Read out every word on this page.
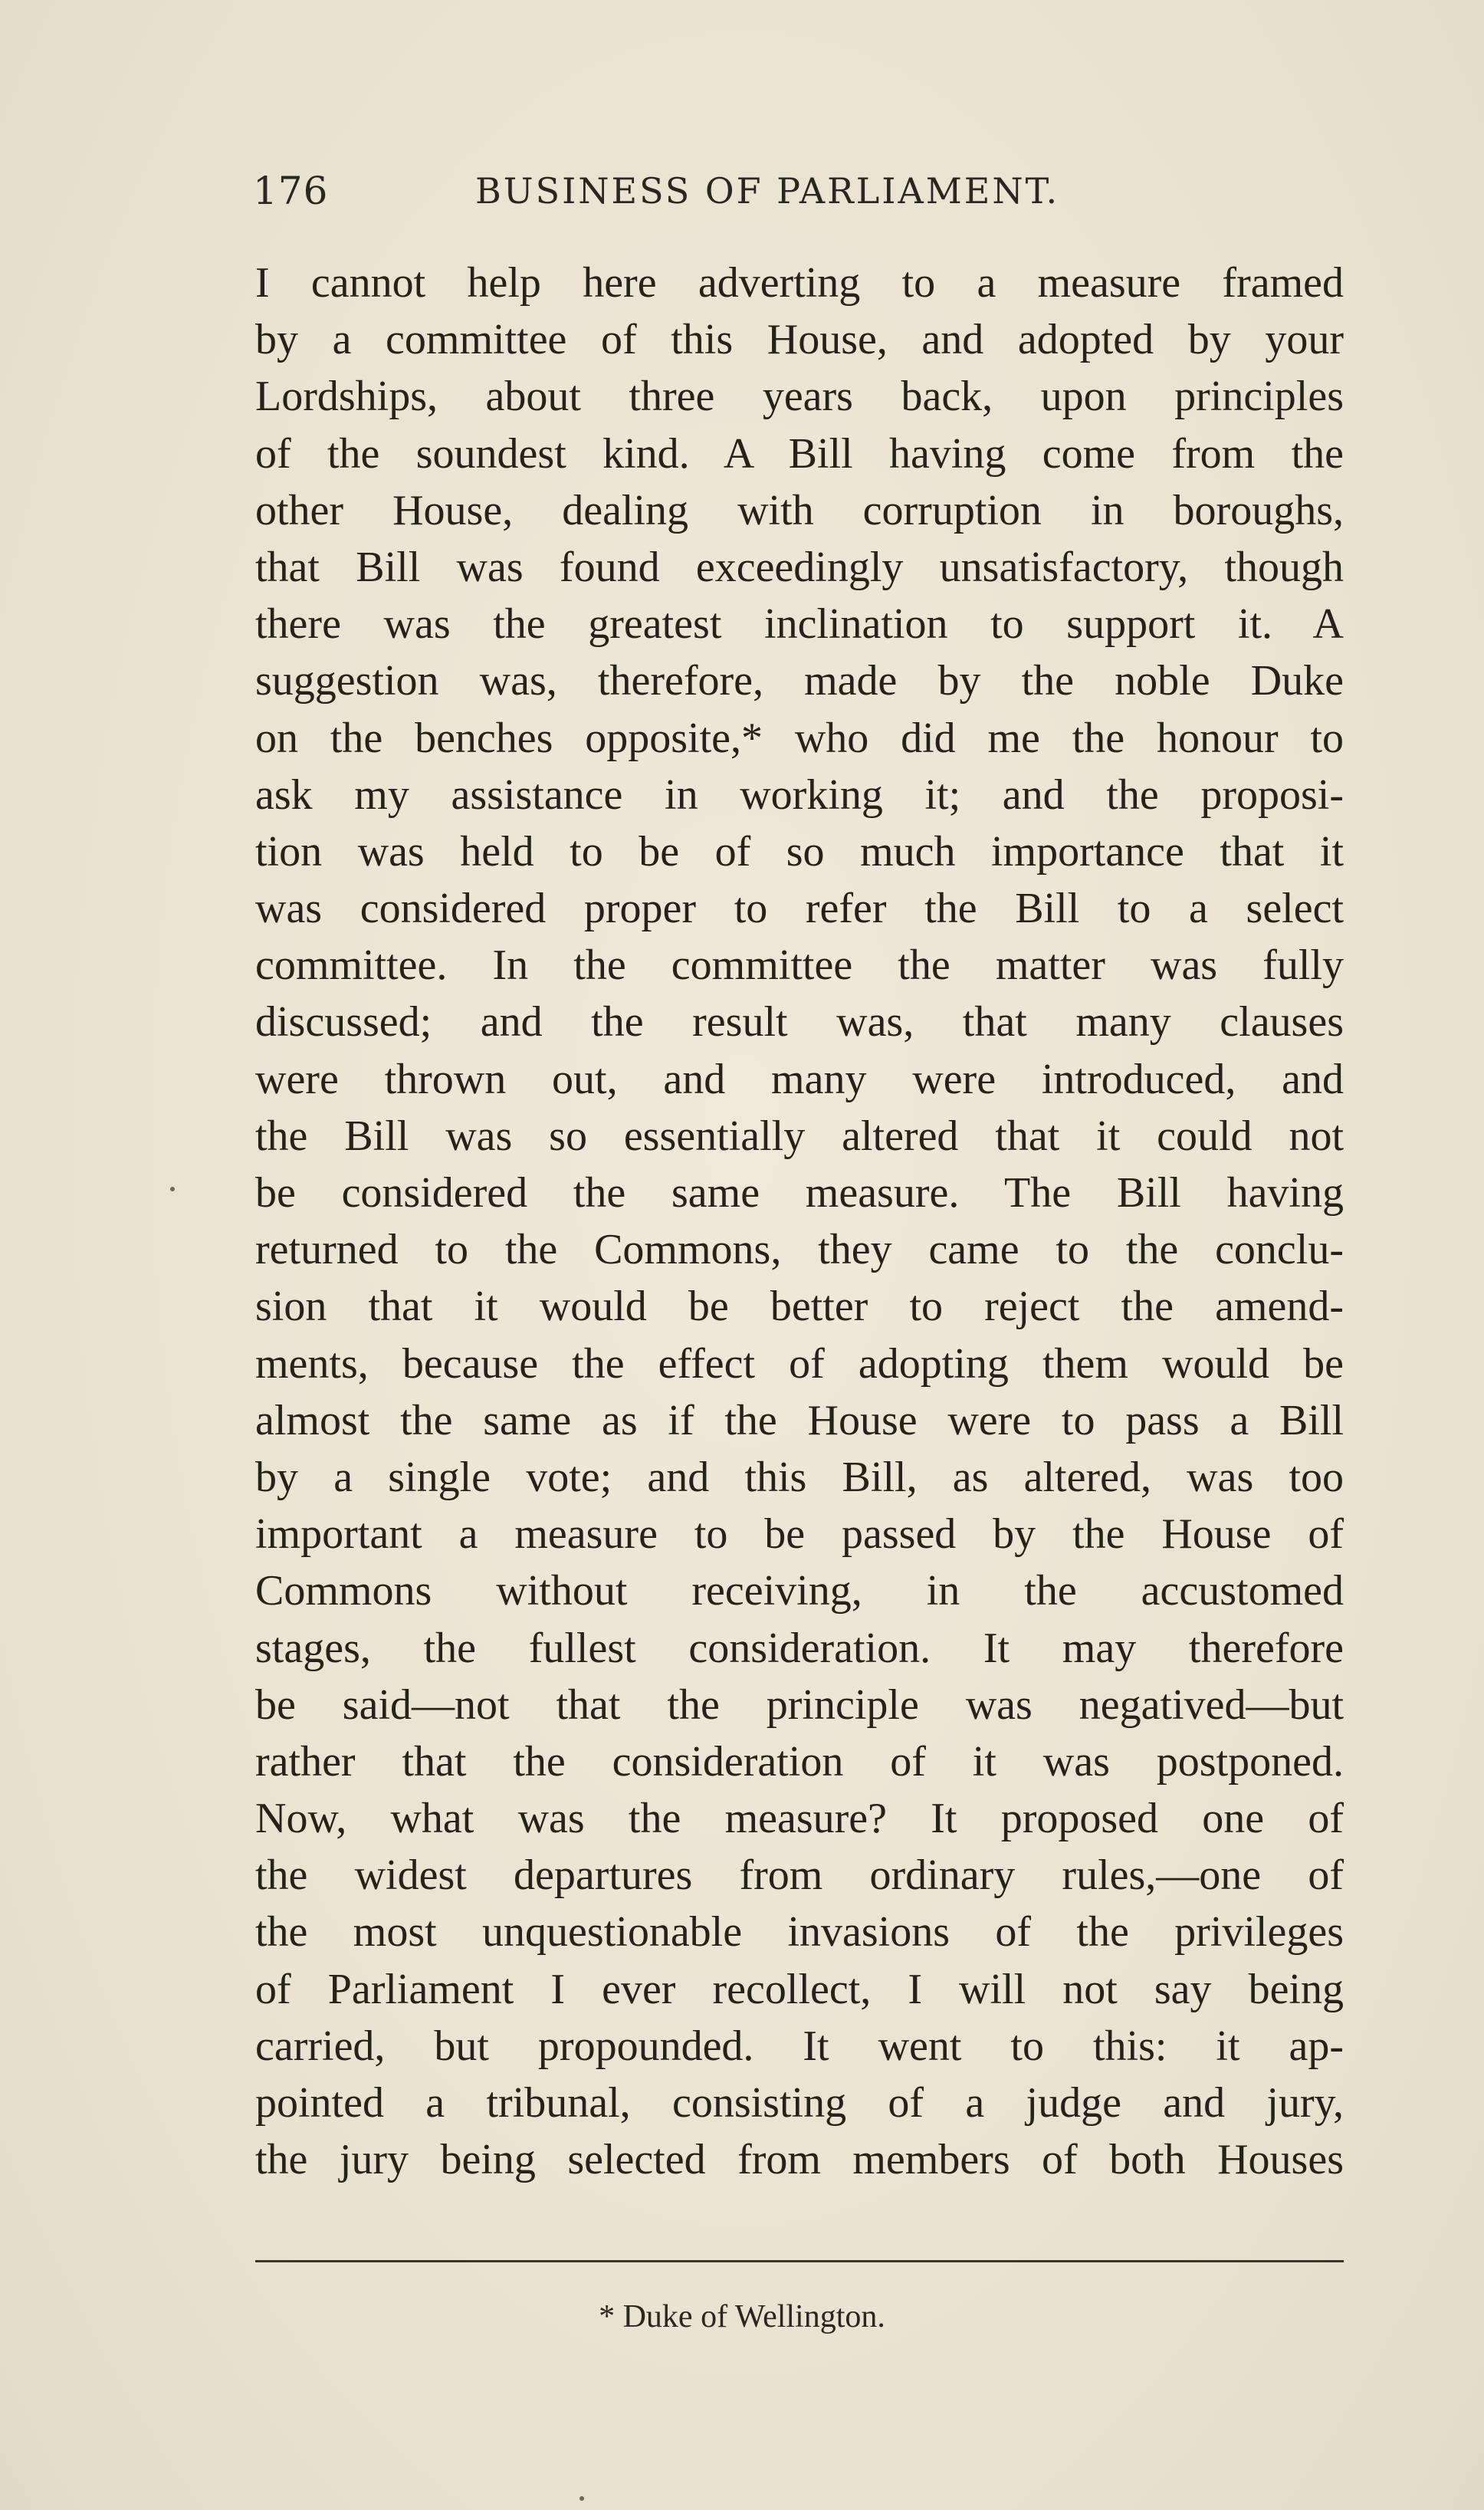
176	BUSINESS OF PARLIAMENT.
I cannot help here adverting to a measure framed
by a committee of this House, and adopted by your
Lordships, about three years back, upon principles
of the soundest kind. A Bill having come from the
other House, dealing with corruption in boroughs,
that Bill was found exceedingly unsatisfactory, though
there was the greatest inclination to support it. A
suggestion was, therefore, made by the noble Duke
on the benches opposite,* who did me the honour to
ask my assistance in working it; and the proposi-
tion was held to be of so much importance that it
was considered proper to refer the Bill to a select
committee. In the committee the matter was fully
discussed; and the result was, that many clauses
were thrown out, and many were introduced, and
the Bill was so essentially altered that it could not
be considered the same measure. The Bill having
returned to the Commons, they came to the conclu-
sion that it would be better to reject the amend-
ments, because the effect of adopting them would be
almost the same as if the House were to pass a Bill
by a single vote; and this Bill, as altered, was too
important a measure to be passed by the House of
Commons without receiving, in the accustomed
stages, the fullest consideration. It may therefore
be said—not that the principle was negatived—but
rather that the consideration of it was postponed.
Now, what was the measure? It proposed one of
the widest departures from ordinary rules,—one of
the most unquestionable invasions of the privileges
of Parliament I ever recollect, I will not say being
carried, but propounded. It went to this: it ap-
pointed a tribunal, consisting of a judge and jury,
the jury being selected from members of both Houses
* Duke of Wellington.
